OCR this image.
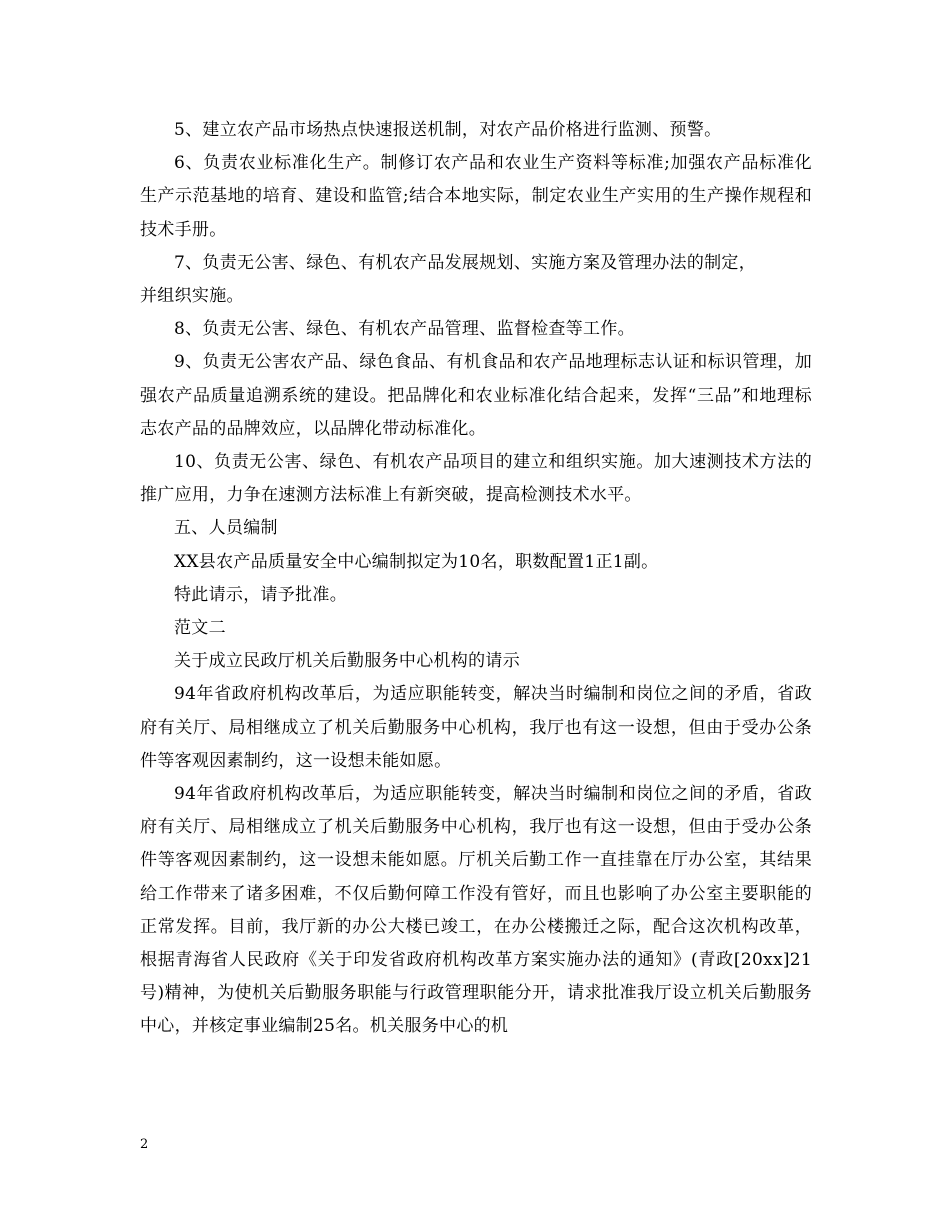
5、建立农产品市场热点快速报送机制，对农产品价格进行监测、预警。

6、负责农业标准化生产。制修订农产品和农业生产资料等标准;加强农产品标准化生产示范基地的培育、建设和监管;结合本地实际，制定农业生产实用的生产操作规程和技术手册。

7、负责无公害、绿色、有机农产品发展规划、实施方案及管理办法的制定，
并组织实施。

8、负责无公害、绿色、有机农产品管理、监督检查等工作。

9、负责无公害农产品、绿色食品、有机食品和农产品地理标志认证和标识管理，加强农产品质量追溯系统的建设。把品牌化和农业标准化结合起来，发挥“三品”和地理标志农产品的品牌效应，以品牌化带动标准化。

10、负责无公害、绿色、有机农产品项目的建立和组织实施。加大速测技术方法的推广应用，力争在速测方法标准上有新突破，提高检测技术水平。

五、人员编制

XX县农产品质量安全中心编制拟定为10名，职数配置1正1副。

特此请示，请予批准。

范文二

关于成立民政厅机关后勤服务中心机构的请示

94年省政府机构改革后，为适应职能转变，解决当时编制和岗位之间的矛盾，省政府有关厅、局相继成立了机关后勤服务中心机构，我厅也有这一设想，但由于受办公条件等客观因素制约，这一设想未能如愿。

94年省政府机构改革后，为适应职能转变，解决当时编制和岗位之间的矛盾，省政府有关厅、局相继成立了机关后勤服务中心机构，我厅也有这一设想，但由于受办公条件等客观因素制约，这一设想未能如愿。厅机关后勤工作一直挂靠在厅办公室，其结果给工作带来了诸多困难，不仅后勤何障工作没有管好，而且也影响了办公室主要职能的正常发挥。目前，我厅新的办公大楼已竣工，在办公楼搬迁之际，配合这次机构改革，根据青海省人民政府《关于印发省政府机构改革方案实施办法的通知》(青政[20xx]21号)精神，为使机关后勤服务职能与行政管理职能分开，请求批准我厅设立机关后勤服务中心，并核定事业编制25名。机关服务中心的机

2
